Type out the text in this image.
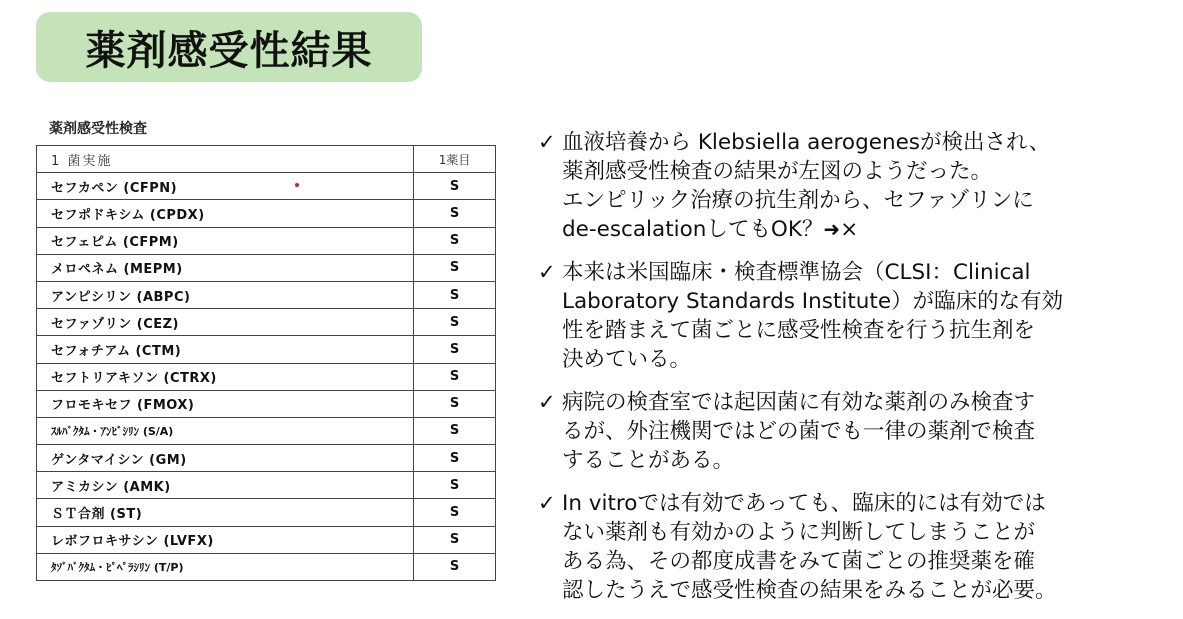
薬剤感受性結果
薬剤感受性検査
1 菌実施	1薬目
セフカペン (CFPN)	S
セフポドキシム (CPDX)	S
セフェピム (CFPM)	S
メロペネム (MEPM)	S
アンピシリン (ABPC)	S
セファゾリン (CEZ)	S
セフォチアム (CTM)	S
セフトリアキソン (CTRX)	S
フロモキセフ (FMOX)	S
ｽﾙﾊﾞｸﾀﾑ・ｱﾝﾋﾞｼﾘﾝ (S/A)	S
ゲンタマイシン (GM)	S
アミカシン (AMK)	S
ＳＴ合剤 (ST)	S
レボフロキサシン (LVFX)	S
ﾀｿﾞﾊﾞｸﾀﾑ・ﾋﾟﾍﾟﾗｼﾘﾝ (T/P)	S
✓ 血液培養から Klebsiella aerogenesが検出され、
薬剤感受性検査の結果が左図のようだった。
エンピリック治療の抗生剤から、セファゾリンに
de-escalationしてもOK？➜×
✓ 本来は米国臨床・検査標準協会（CLSI：Clinical
Laboratory Standards Institute）が臨床的な有効
性を踏まえて菌ごとに感受性検査を行う抗生剤を
決めている。
✓ 病院の検査室では起因菌に有効な薬剤のみ検査す
るが、外注機関ではどの菌でも一律の薬剤で検査
することがある。
✓ In vitroでは有効であっても、臨床的には有効では
ない薬剤も有効かのように判断してしまうことが
ある為、その都度成書をみて菌ごとの推奨薬を確
認したうえで感受性検査の結果をみることが必要。
